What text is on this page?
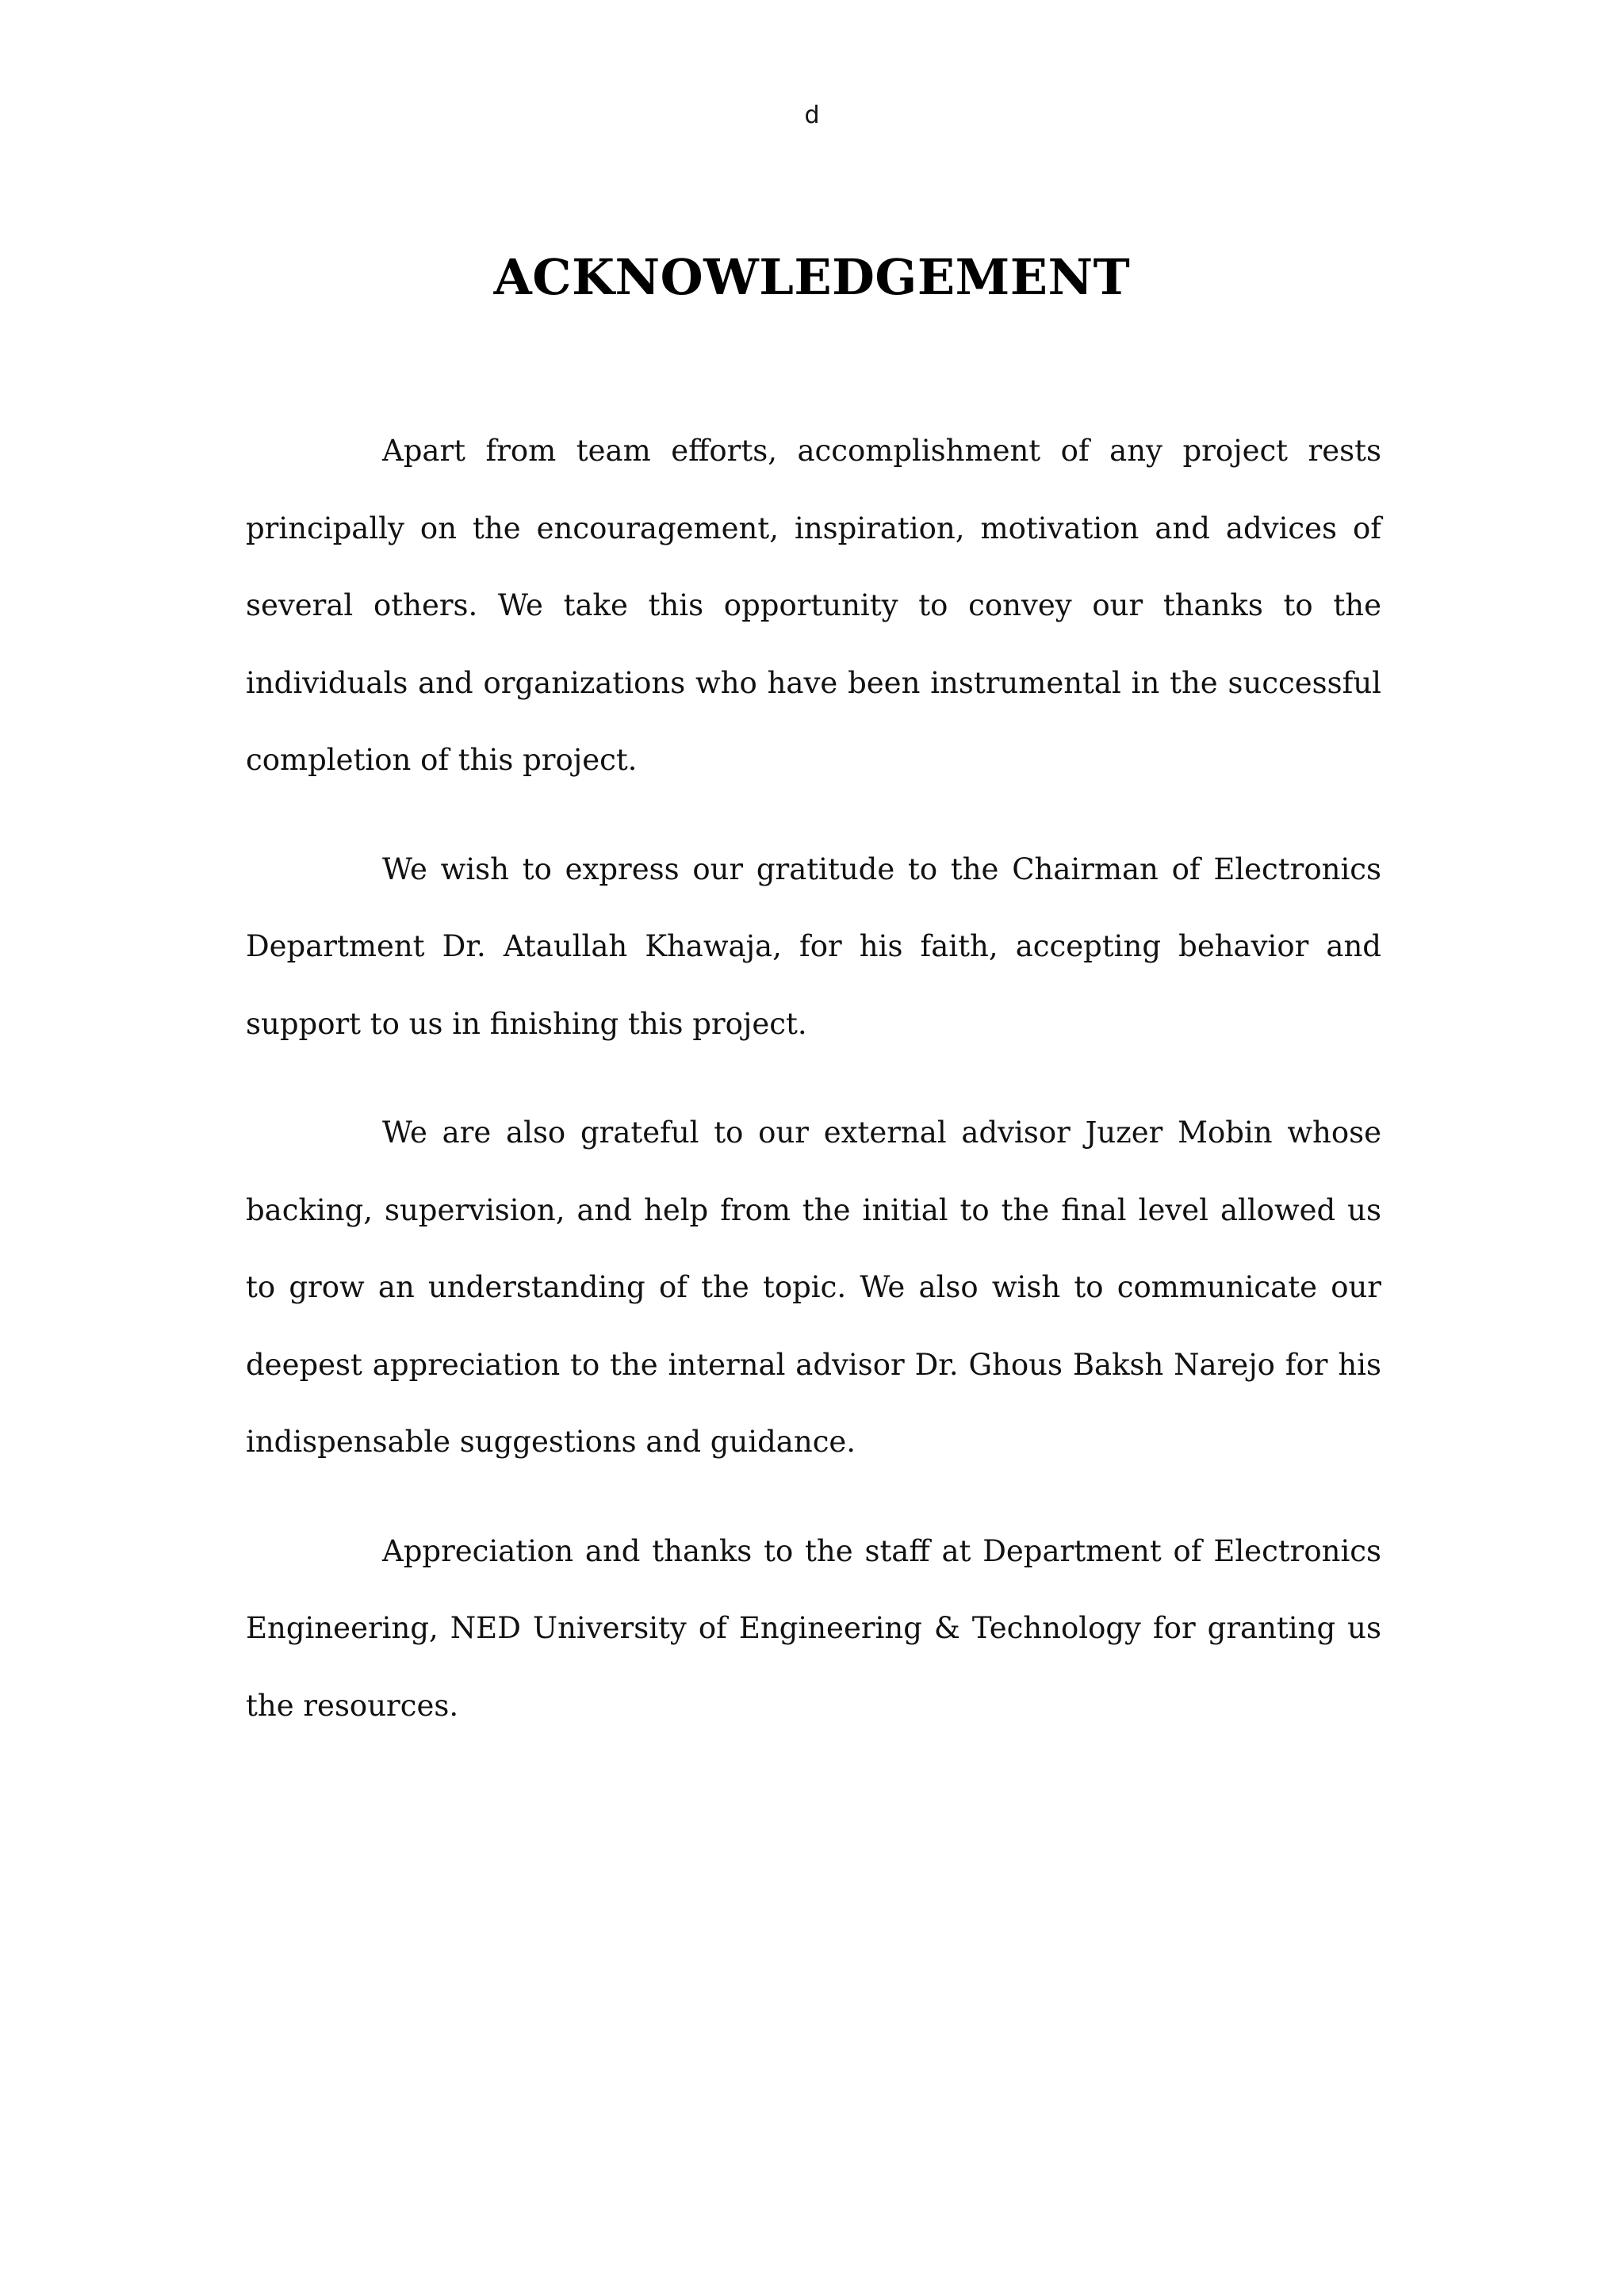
d
ACKNOWLEDGEMENT

Apart from team efforts, accomplishment of any project rests principally on the encouragement, inspiration, motivation and advices of several others. We take this opportunity to convey our thanks to the individuals and organizations who have been instrumental in the successful completion of this project.

We wish to express our gratitude to the Chairman of Electronics Department Dr. Ataullah Khawaja, for his faith, accepting behavior and support to us in finishing this project.

We are also grateful to our external advisor Juzer Mobin whose backing, supervision, and help from the initial to the final level allowed us to grow an understanding of the topic. We also wish to communicate our deepest appreciation to the internal advisor Dr. Ghous Baksh Narejo for his indispensable suggestions and guidance.

Appreciation and thanks to the staff at Department of Electronics Engineering, NED University of Engineering & Technology for granting us the resources.
